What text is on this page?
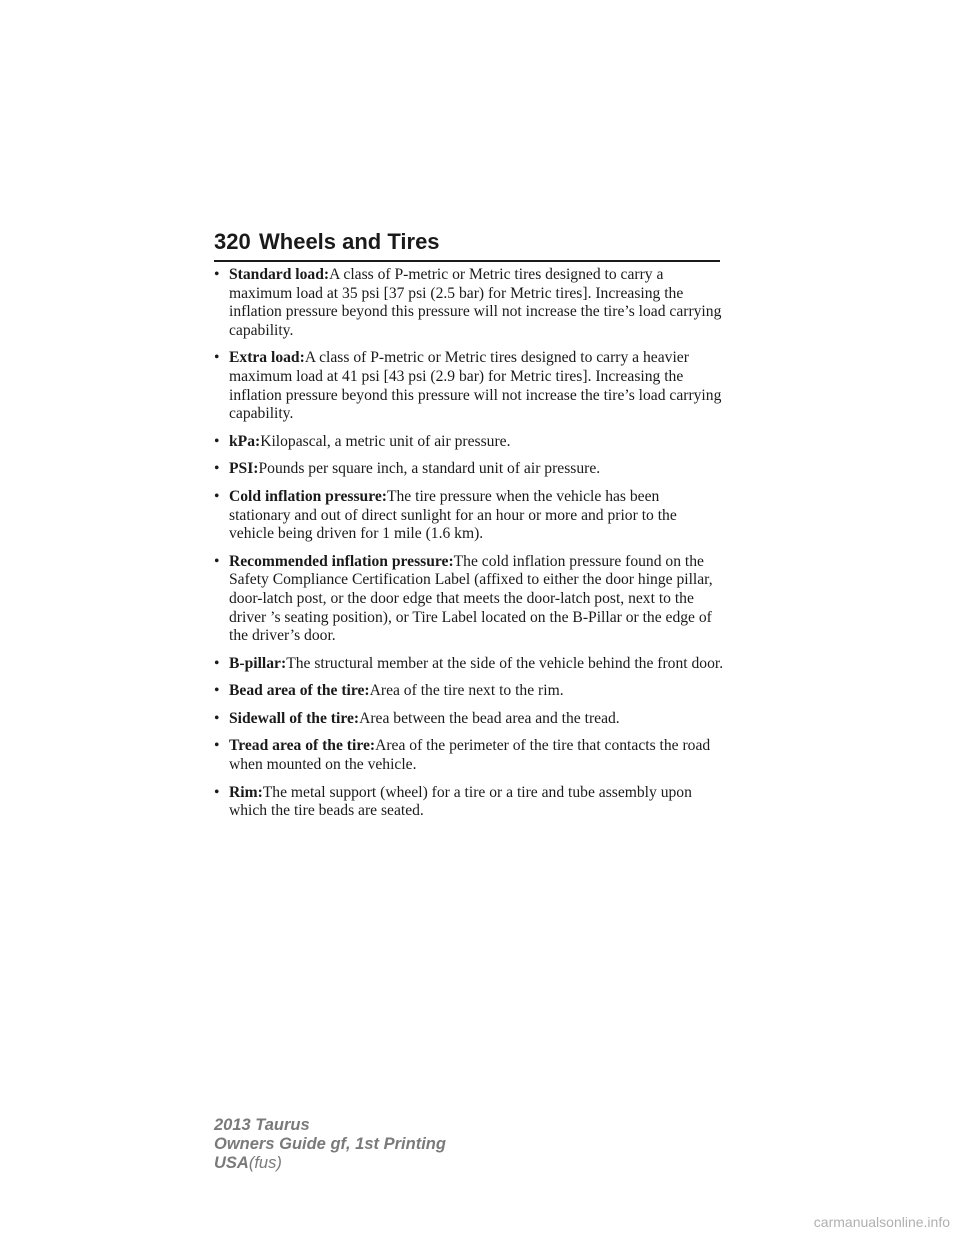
320 Wheels and Tires
• Standard load:A class of P-metric or Metric tires designed to carry a maximum load at 35 psi [37 psi (2.5 bar) for Metric tires]. Increasing the inflation pressure beyond this pressure will not increase the tire’s load carrying capability.
• Extra load:A class of P-metric or Metric tires designed to carry a heavier maximum load at 41 psi [43 psi (2.9 bar) for Metric tires]. Increasing the inflation pressure beyond this pressure will not increase the tire’s load carrying capability.
• kPa:Kilopascal, a metric unit of air pressure.
• PSI:Pounds per square inch, a standard unit of air pressure.
• Cold inflation pressure:The tire pressure when the vehicle has been stationary and out of direct sunlight for an hour or more and prior to the vehicle being driven for 1 mile (1.6 km).
• Recommended inflation pressure:The cold inflation pressure found on the Safety Compliance Certification Label (affixed to either the door hinge pillar, door-latch post, or the door edge that meets the door-latch post, next to the driver ’s seating position), or Tire Label located on the B-Pillar or the edge of the driver’s door.
• B-pillar:The structural member at the side of the vehicle behind the front door.
• Bead area of the tire:Area of the tire next to the rim.
• Sidewall of the tire:Area between the bead area and the tread.
• Tread area of the tire:Area of the perimeter of the tire that contacts the road when mounted on the vehicle.
• Rim:The metal support (wheel) for a tire or a tire and tube assembly upon which the tire beads are seated.
2013 Taurus
Owners Guide gf, 1st Printing
USA(fus)
carmanualsonline.info
